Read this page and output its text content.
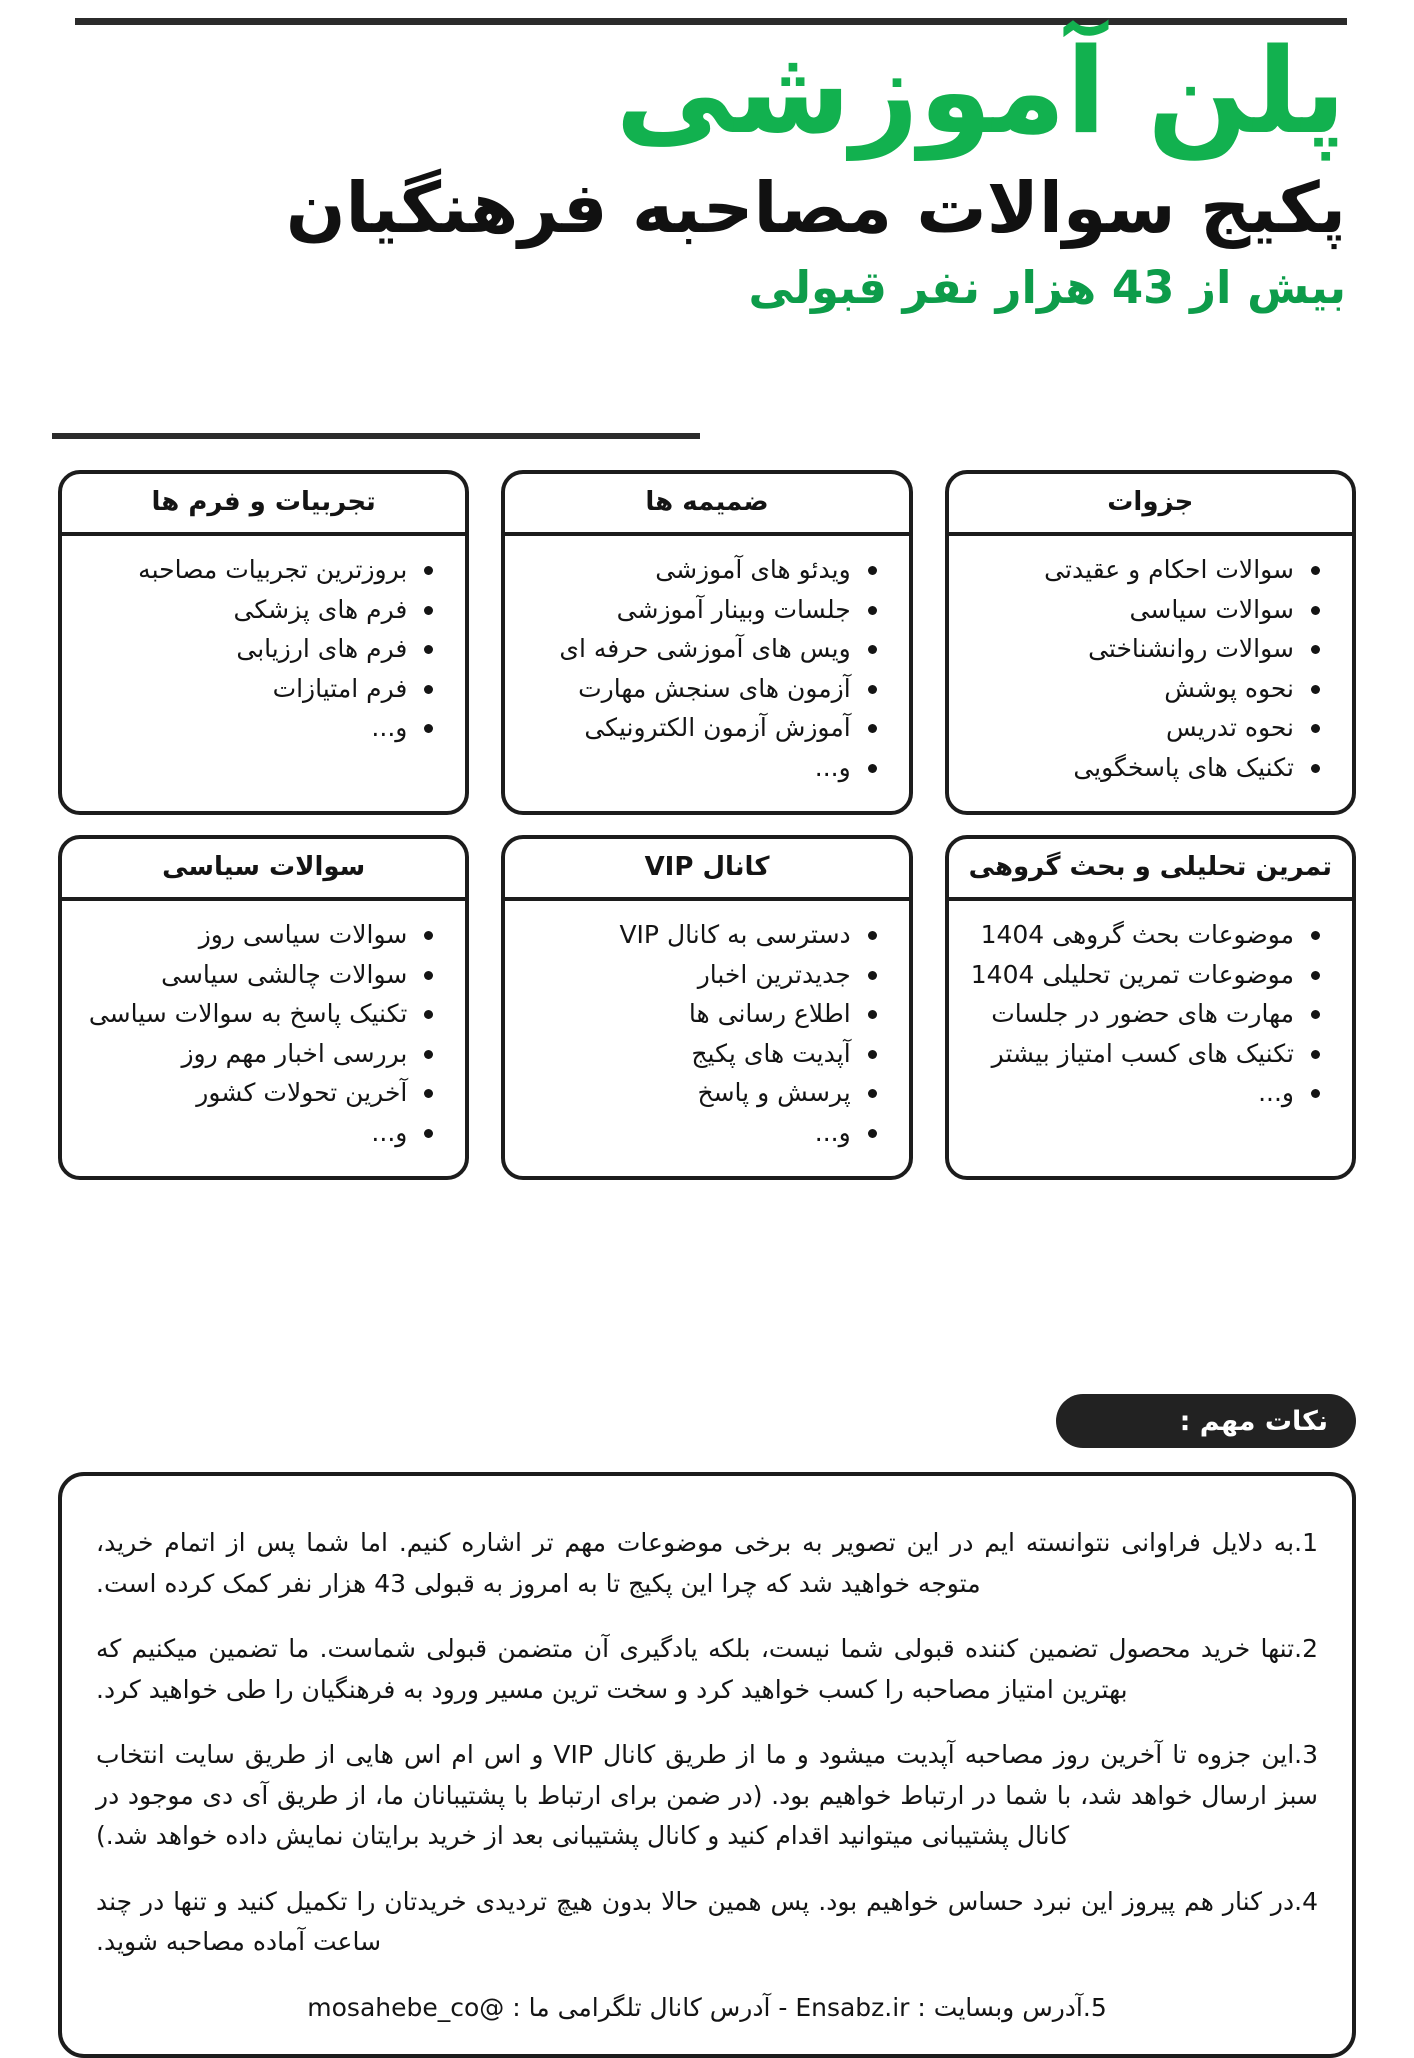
پلن آموزشی
پکیج سوالات مصاحبه فرهنگیان
بیش از 43 هزار نفر قبولی
جزوات
سوالات احکام و عقیدتی
سوالات سیاسی
سوالات روانشناختی
نحوه پوشش
نحوه تدریس
تکنیک های پاسخگویی
ضمیمه ها
ویدئو های آموزشی
جلسات وبینار آموزشی
ویس های آموزشی حرفه ای
آزمون های سنجش مهارت
آموزش آزمون الکترونیکی
و...
تجربیات و فرم ها
بروزترین تجربیات مصاحبه
فرم های پزشکی
فرم های ارزیابی
فرم امتیازات
و...
تمرین تحلیلی و بحث گروهی
موضوعات بحث گروهی 1404
موضوعات تمرین تحلیلی 1404
مهارت های حضور در جلسات
تکنیک های کسب امتیاز بیشتر
و...
کانال VIP
دسترسی به کانال VIP
جدیدترین اخبار
اطلاع رسانی ها
آپدیت های پکیج
پرسش و پاسخ
و...
سوالات سیاسی
سوالات سیاسی روز
سوالات چالشی سیاسی
تکنیک پاسخ به سوالات سیاسی
بررسی اخبار مهم روز
آخرین تحولات کشور
و...
نکات مهم :

1.به دلایل فراوانی نتوانسته ایم در این تصویر به برخی موضوعات مهم تر اشاره کنیم. اما شما پس از اتمام خرید، متوجه خواهید شد که چرا این پکیج تا به امروز به قبولی 43 هزار نفر کمک کرده است.

2.تنها خرید محصول تضمین کننده قبولی شما نیست، بلکه یادگیری آن متضمن قبولی شماست. ما تضمین میکنیم که بهترین امتیاز مصاحبه را کسب خواهید کرد و سخت ترین مسیر ورود به فرهنگیان را طی خواهید کرد.

3.این جزوه تا آخرین روز مصاحبه آپدیت میشود و ما از طریق کانال VIP و اس ام اس هایی از طریق سایت انتخاب سبز ارسال خواهد شد، با شما در ارتباط خواهیم بود. (در ضمن برای ارتباط با پشتیبانان ما، از طریق آی دی موجود در کانال پشتیبانی میتوانید اقدام کنید و کانال پشتیبانی بعد از خرید برایتان نمایش داده خواهد شد.)

4.در کنار هم پیروز این نبرد حساس خواهیم بود. پس همین حالا بدون هیچ تردیدی خریدتان را تکمیل کنید و تنها در چند ساعت آماده مصاحبه شوید.

5.آدرس وبسایت : Ensabz.ir - آدرس کانال تلگرامی ما : @mosahebe_co
